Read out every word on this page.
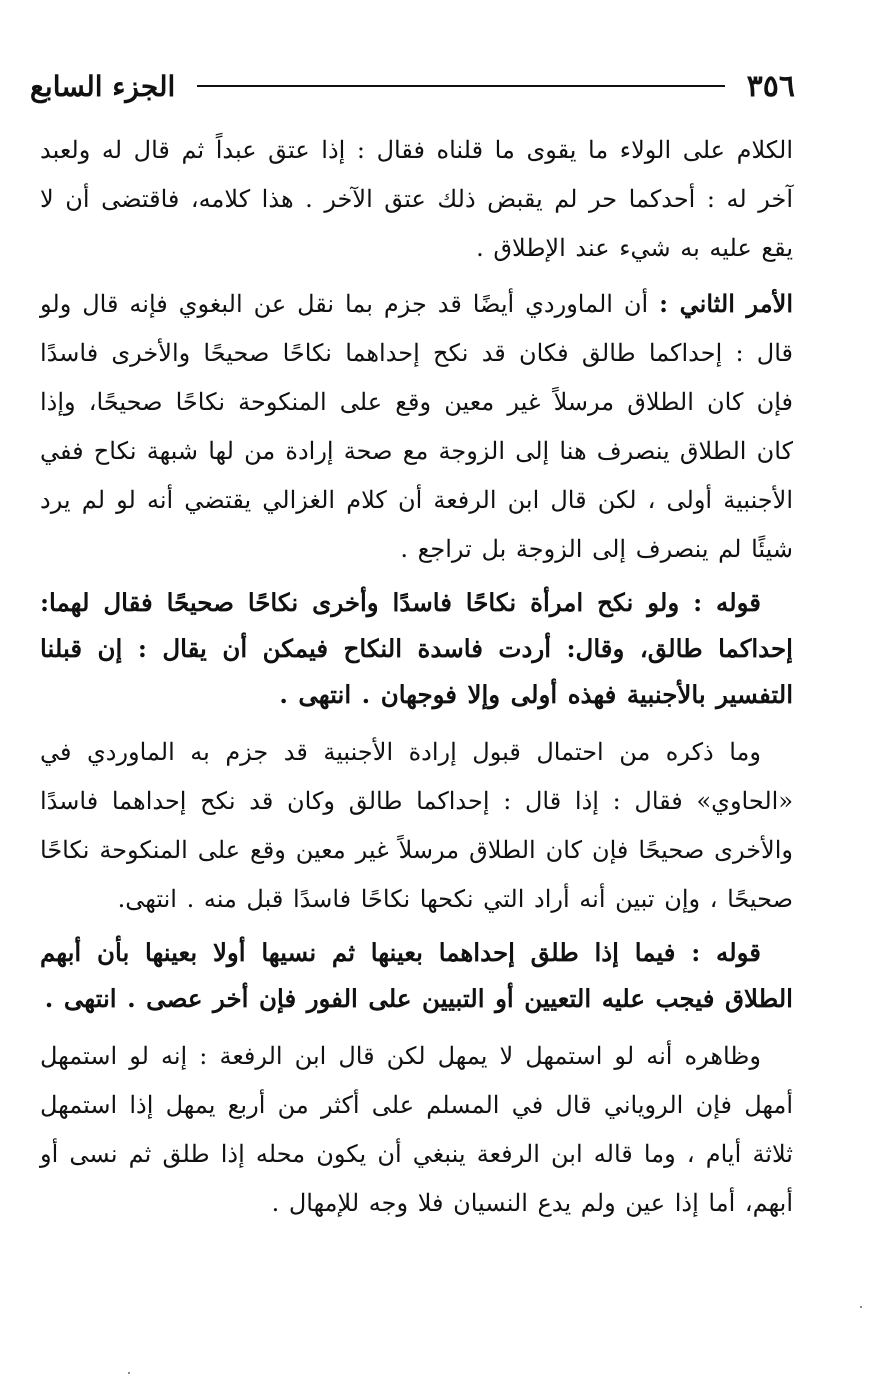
٣٥٦
الجزء السابع

الكلام على الولاء ما يقوى ما قلناه فقال : إذا عتق عبداً ثم قال له ولعبد آخر له : أحدكما حر لم يقبض ذلك عتق الآخر . هذا كلامه، فاقتضى أن لا يقع عليه به شيء عند الإطلاق .

الأمر الثاني : أن الماوردي أيضًا قد جزم بما نقل عن البغوي فإنه قال ولو قال : إحداكما طالق فكان قد نكح إحداهما نكاحًا صحيحًا والأخرى فاسدًا فإن كان الطلاق مرسلاً غير معين وقع على المنكوحة نكاحًا صحيحًا، وإذا كان الطلاق ينصرف هنا إلى الزوجة مع صحة إرادة من لها شبهة نكاح ففي الأجنبية أولى ، لكن قال ابن الرفعة أن كلام الغزالي يقتضي أنه لو لم يرد شيئًا لم ينصرف إلى الزوجة بل تراجع .

قوله : ولو نكح امرأة نكاحًا فاسدًا وأخرى نكاحًا صحيحًا فقال لهما: إحداكما طالق، وقال: أردت فاسدة النكاح فيمكن أن يقال : إن قبلنا التفسير بالأجنبية فهذه أولى وإلا فوجهان . انتهى .

وما ذكره من احتمال قبول إرادة الأجنبية قد جزم به الماوردي في «الحاوي» فقال : إذا قال : إحداكما طالق وكان قد نكح إحداهما فاسدًا والأخرى صحيحًا فإن كان الطلاق مرسلاً غير معين وقع على المنكوحة نكاحًا صحيحًا ، وإن تبين أنه أراد التي نكحها نكاحًا فاسدًا قبل منه . انتهى.

قوله : فيما إذا طلق إحداهما بعينها ثم نسيها أولا بعينها بأن أبهم الطلاق فيجب عليه التعيين أو التبيين على الفور فإن أخر عصى . انتهى .

وظاهره أنه لو استمهل لا يمهل لكن قال ابن الرفعة : إنه لو استمهل أمهل فإن الروياني قال في المسلم على أكثر من أربع يمهل إذا استمهل ثلاثة أيام ، وما قاله ابن الرفعة ينبغي أن يكون محله إذا طلق ثم نسى أو أبهم، أما إذا عين ولم يدع النسيان فلا وجه للإمهال .
